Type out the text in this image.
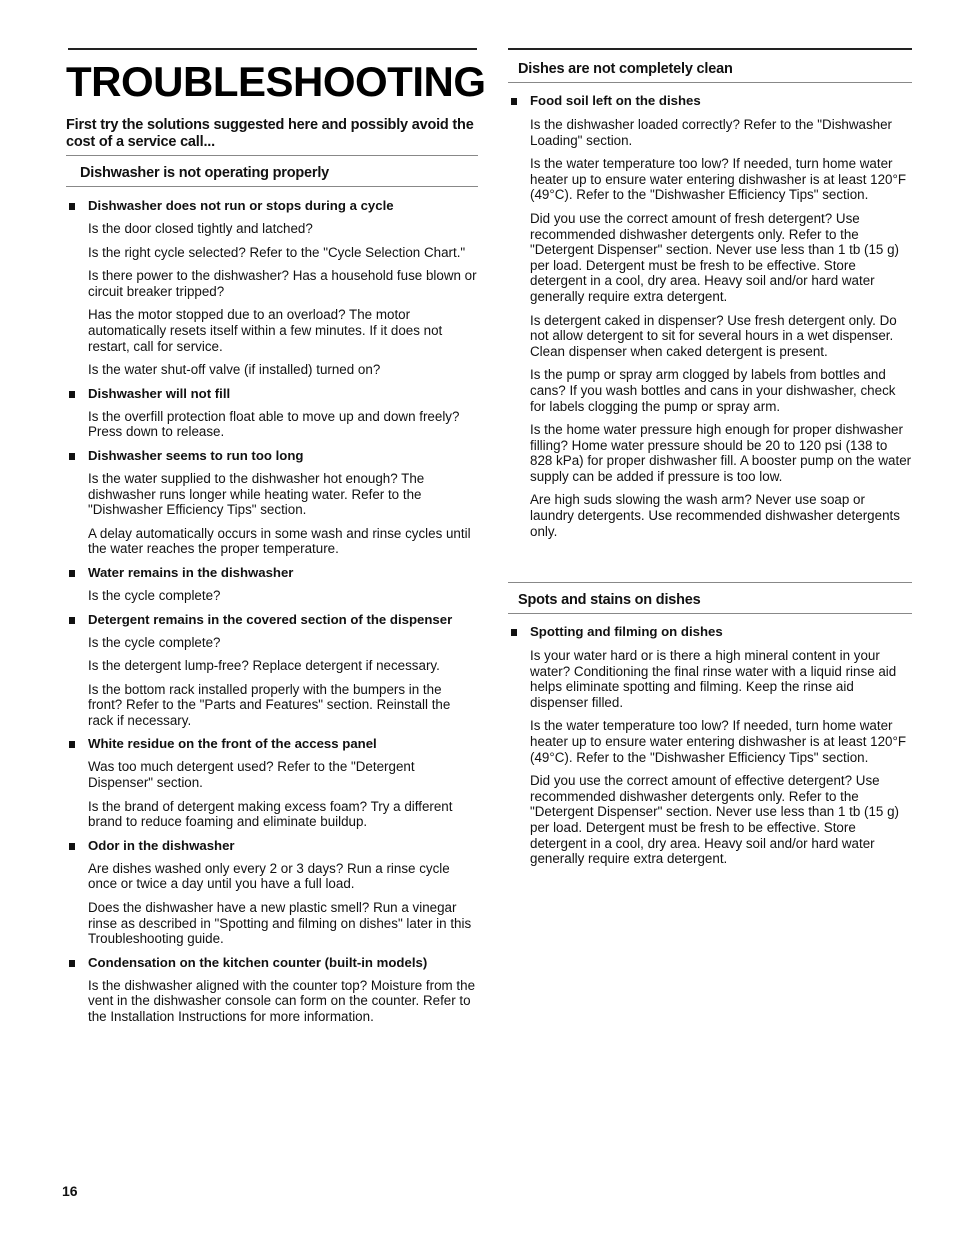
TROUBLESHOOTING

First try the solutions suggested here and possibly avoid the cost of a service call...

Dishwasher is not operating properly
Dishwasher does not run or stops during a cycle

Is the door closed tightly and latched?

Is the right cycle selected? Refer to the "Cycle Selection Chart."

Is there power to the dishwasher? Has a household fuse blown or circuit breaker tripped?

Has the motor stopped due to an overload? The motor automatically resets itself within a few minutes. If it does not restart, call for service.

Is the water shut-off valve (if installed) turned on?

Dishwasher will not fill

Is the overfill protection float able to move up and down freely? Press down to release.

Dishwasher seems to run too long

Is the water supplied to the dishwasher hot enough? The dishwasher runs longer while heating water. Refer to the "Dishwasher Efficiency Tips" section.

A delay automatically occurs in some wash and rinse cycles until the water reaches the proper temperature.

Water remains in the dishwasher

Is the cycle complete?

Detergent remains in the covered section of the dispenser

Is the cycle complete?

Is the detergent lump-free? Replace detergent if necessary.

Is the bottom rack installed properly with the bumpers in the front? Refer to the "Parts and Features" section. Reinstall the rack if necessary.

White residue on the front of the access panel

Was too much detergent used? Refer to the "Detergent Dispenser" section.

Is the brand of detergent making excess foam? Try a different brand to reduce foaming and eliminate buildup.

Odor in the dishwasher

Are dishes washed only every 2 or 3 days? Run a rinse cycle once or twice a day until you have a full load.

Does the dishwasher have a new plastic smell? Run a vinegar rinse as described in "Spotting and filming on dishes" later in this Troubleshooting guide.

Condensation on the kitchen counter (built-in models)

Is the dishwasher aligned with the counter top? Moisture from the vent in the dishwasher console can form on the counter. Refer to the Installation Instructions for more information.

Dishes are not completely clean
Food soil left on the dishes

Is the dishwasher loaded correctly? Refer to the "Dishwasher Loading" section.

Is the water temperature too low? If needed, turn home water heater up to ensure water entering dishwasher is at least 120°F (49°C). Refer to the "Dishwasher Efficiency Tips" section.

Did you use the correct amount of fresh detergent? Use recommended dishwasher detergents only. Refer to the "Detergent Dispenser" section. Never use less than 1 tb (15 g) per load. Detergent must be fresh to be effective. Store detergent in a cool, dry area. Heavy soil and/or hard water generally require extra detergent.

Is detergent caked in dispenser? Use fresh detergent only. Do not allow detergent to sit for several hours in a wet dispenser. Clean dispenser when caked detergent is present.

Is the pump or spray arm clogged by labels from bottles and cans? If you wash bottles and cans in your dishwasher, check for labels clogging the pump or spray arm.

Is the home water pressure high enough for proper dishwasher filling? Home water pressure should be 20 to 120 psi (138 to 828 kPa) for proper dishwasher fill. A booster pump on the water supply can be added if pressure is too low.

Are high suds slowing the wash arm? Never use soap or laundry detergents. Use recommended dishwasher detergents only.

Spots and stains on dishes
Spotting and filming on dishes

Is your water hard or is there a high mineral content in your water? Conditioning the final rinse water with a liquid rinse aid helps eliminate spotting and filming. Keep the rinse aid dispenser filled.

Is the water temperature too low? If needed, turn home water heater up to ensure water entering dishwasher is at least 120°F (49°C). Refer to the "Dishwasher Efficiency Tips" section.

Did you use the correct amount of effective detergent? Use recommended dishwasher detergents only. Refer to the "Detergent Dispenser" section. Never use less than 1 tb (15 g) per load. Detergent must be fresh to be effective. Store detergent in a cool, dry area. Heavy soil and/or hard water generally require extra detergent.

16
